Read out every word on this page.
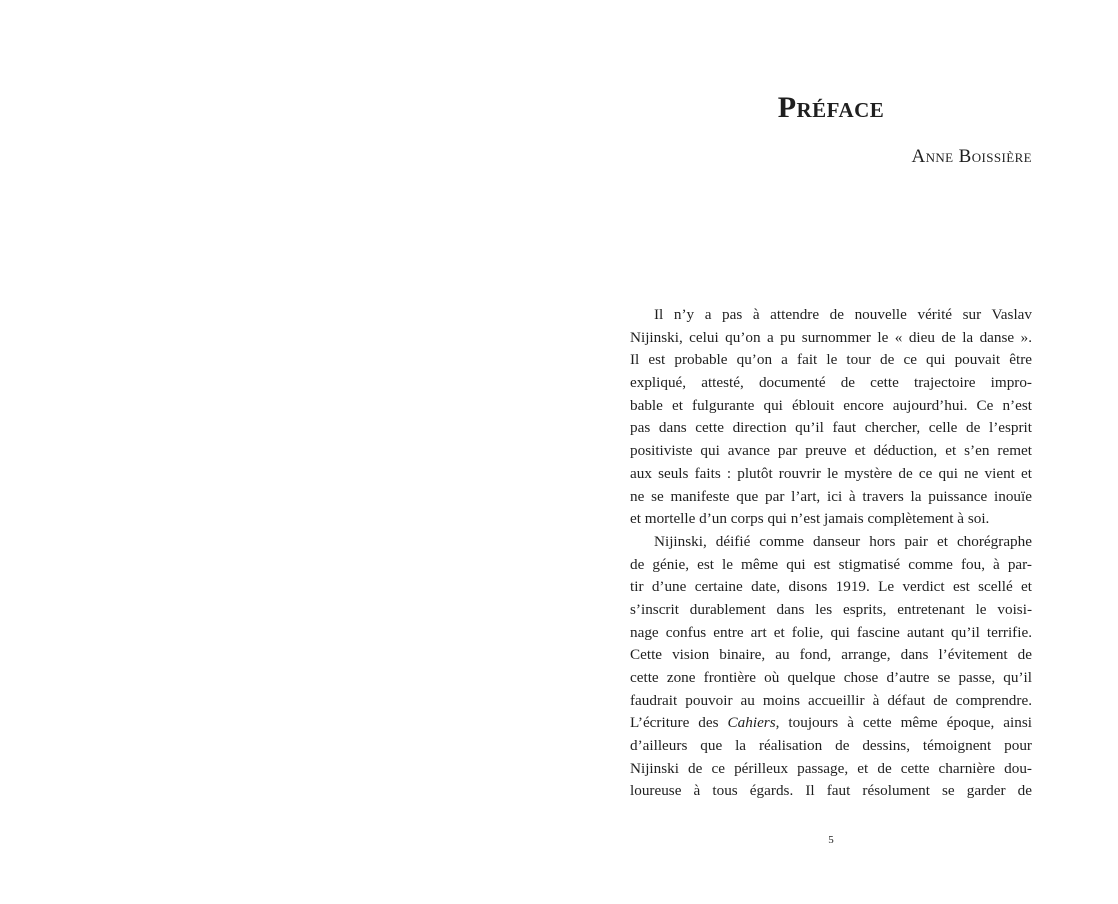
Préface
Anne Boissière
Il n’y a pas à attendre de nouvelle vérité sur Vaslav
Nijinski, celui qu’on a pu surnommer le « dieu de la danse ».
Il est probable qu’on a fait le tour de ce qui pouvait être
expliqué, attesté, documenté de cette trajectoire impro-
bable et fulgurante qui éblouit encore aujourd’hui. Ce n’est
pas dans cette direction qu’il faut chercher, celle de l’esprit
positiviste qui avance par preuve et déduction, et s’en remet
aux seuls faits : plutôt rouvrir le mystère de ce qui ne vient et
ne se manifeste que par l’art, ici à travers la puissance inouïe
et mortelle d’un corps qui n’est jamais complètement à soi.
Nijinski, déifié comme danseur hors pair et chorégraphe
de génie, est le même qui est stigmatisé comme fou, à par-
tir d’une certaine date, disons 1919. Le verdict est scellé et
s’inscrit durablement dans les esprits, entretenant le voisi-
nage confus entre art et folie, qui fascine autant qu’il terrifie.
Cette vision binaire, au fond, arrange, dans l’évitement de
cette zone frontière où quelque chose d’autre se passe, qu’il
faudrait pouvoir au moins accueillir à défaut de comprendre.
L’écriture des Cahiers, toujours à cette même époque, ainsi
d’ailleurs que la réalisation de dessins, témoignent pour
Nijinski de ce périlleux passage, et de cette charnière dou-
loureuse à tous égards. Il faut résolument se garder de
5
